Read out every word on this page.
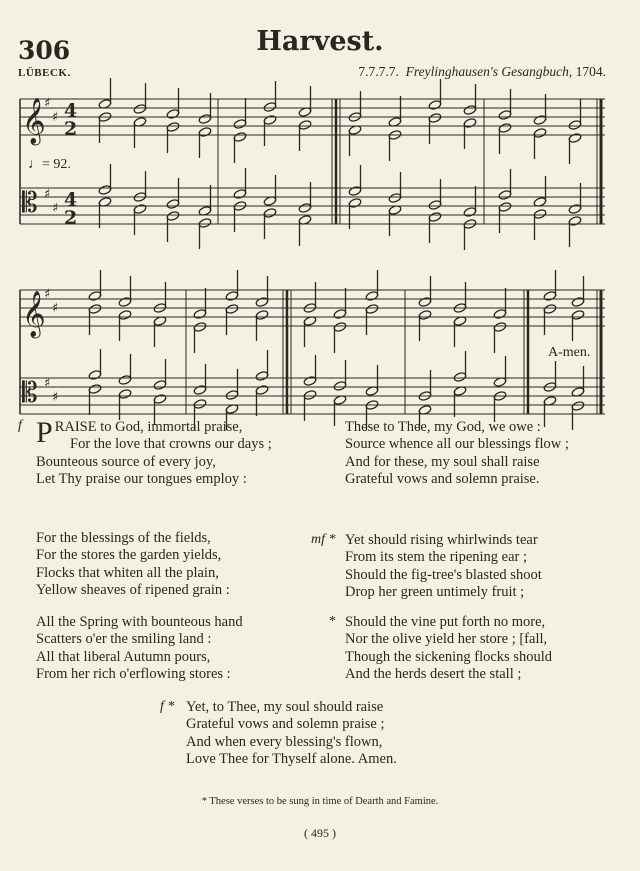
306	Harvest.
LÜBECK.	7.7.7.7. Freylinghausen's Gesangbuch, 1704.
𝄞
𝄡
𝄞
𝄡
♯
♯
♯
♯
♯
♯
♯
♯
4
2
4
2
♩= 92.
A-men.
f PRAISE to God, immortal praise,
For the love that crowns our days ;
Bounteous source of every joy,
Let Thy praise our tongues employ :
For the blessings of the fields,
For the stores the garden yields,
Flocks that whiten all the plain,
Yellow sheaves of ripened grain :
All the Spring with bounteous hand
Scatters o'er the smiling land :
All that liberal Autumn pours,
From her rich o'erflowing stores :
These to Thee, my God, we owe :
Source whence all our blessings flow ;
And for these, my soul shall raise
Grateful vows and solemn praise.
mf * Yet should rising whirlwinds tear
From its stem the ripening ear ;
Should the fig-tree's blasted shoot
Drop her green untimely fruit ;
* Should the vine put forth no more,
Nor the olive yield her store ; [fall,
Though the sickening flocks should
And the herds desert the stall ;
f * Yet, to Thee, my soul should raise
Grateful vows and solemn praise ;
And when every blessing's flown,
Love Thee for Thyself alone. Amen.
* These verses to be sung in time of Dearth and Famine.
( 495 )
